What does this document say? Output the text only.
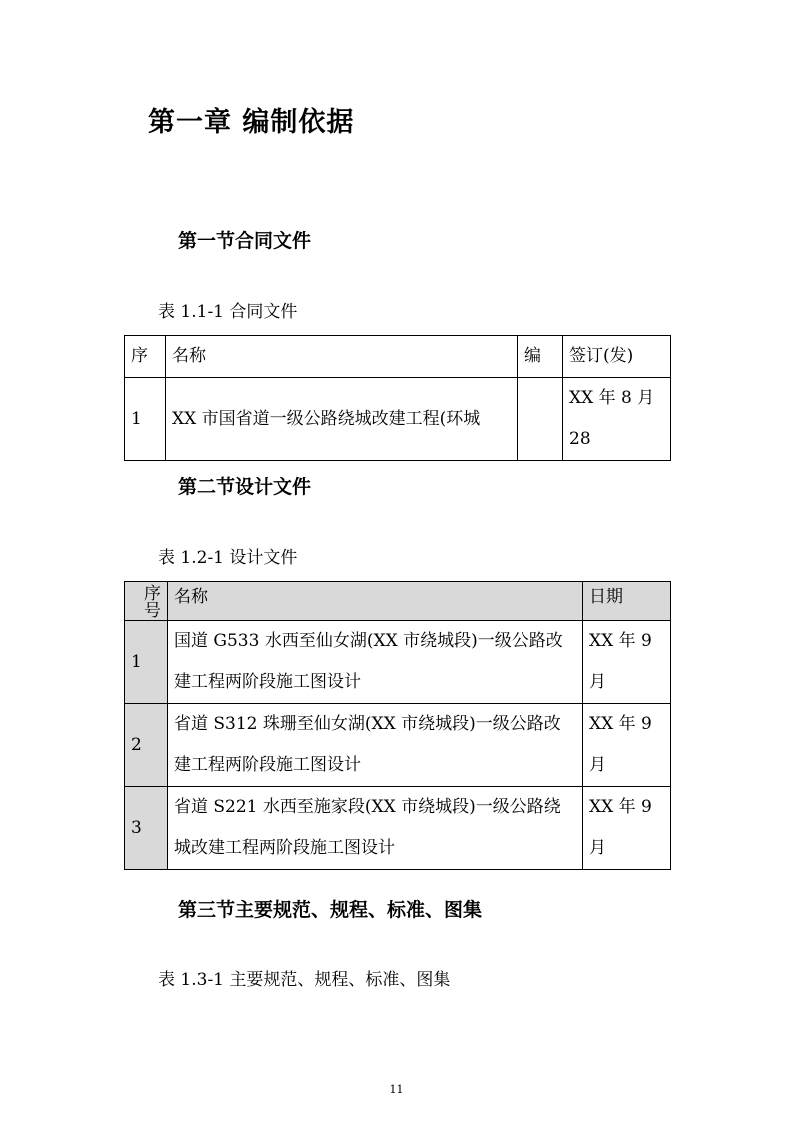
第一章 编制依据
第一节合同文件
表 1.1-1 合同文件
序	名称	编	签订(发)
1	XX 市国省道一级公路绕城改建工程(环城		XX 年 8 月 28
第二节设计文件
表 1.2-1 设计文件
序号	名称	日期
1	国道 G533 水西至仙女湖(XX 市绕城段)一级公路改建工程两阶段施工图设计	XX 年 9 月
2	省道 S312 珠珊至仙女湖(XX 市绕城段)一级公路改建工程两阶段施工图设计	XX 年 9 月
3	省道 S221 水西至施家段(XX 市绕城段)一级公路绕城改建工程两阶段施工图设计	XX 年 9 月
第三节主要规范、规程、标准、图集
表 1.3-1 主要规范、规程、标准、图集
11
